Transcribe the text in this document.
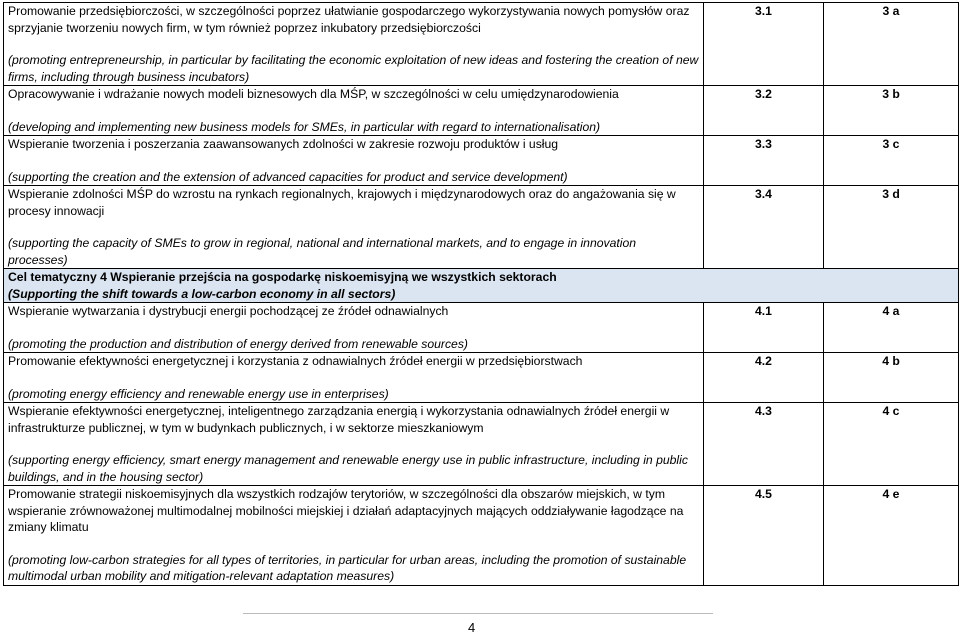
Promowanie przedsiębiorczości, w szczególności poprzez ułatwianie gospodarczego wykorzystywania nowych pomysłów oraz sprzyjanie tworzeniu nowych firm, w tym również poprzez inkubatory przedsiębiorczości
(promoting entrepreneurship, in particular by facilitating the economic exploitation of new ideas and fostering the creation of new firms, including through business incubators)	3.1	3 a

Opracowywanie i wdrażanie nowych modeli biznesowych dla MŚP, w szczególności w celu umiędzynarodowienia
(developing and implementing new business models for SMEs, in particular with regard to internationalisation)	3.2	3 b

Wspieranie tworzenia i poszerzania zaawansowanych zdolności w zakresie rozwoju produktów i usług
(supporting the creation and the extension of advanced capacities for product and service development)	3.3	3 c

Wspieranie zdolności MŚP do wzrostu na rynkach regionalnych, krajowych i międzynarodowych oraz do angażowania się w procesy innowacji
(supporting the capacity of SMEs to grow in regional, national and international markets, and to engage in innovation processes)	3.4	3 d

Cel tematyczny 4 Wspieranie przejścia na gospodarkę niskoemisyjną we wszystkich sektorach
(Supporting the shift towards a low-carbon economy in all sectors)		

Wspieranie wytwarzania i dystrybucji energii pochodzącej ze źródeł odnawialnych
(promoting the production and distribution of energy derived from renewable sources)	4.1	4 a

Promowanie efektywności energetycznej i korzystania z odnawialnych źródeł energii w przedsiębiorstwach
(promoting energy efficiency and renewable energy use in enterprises)	4.2	4 b

Wspieranie efektywności energetycznej, inteligentnego zarządzania energią i wykorzystania odnawialnych źródeł energii w infrastrukturze publicznej, w tym w budynkach publicznych, i w sektorze mieszkaniowym
(supporting energy efficiency, smart energy management and renewable energy use in public infrastructure, including in public buildings, and in the housing sector)	4.3	4 c

Promowanie strategii niskoemisyjnych dla wszystkich rodzajów terytoriów, w szczególności dla obszarów miejskich, w tym wspieranie zrównoważonej multimodalnej mobilności miejskiej i działań adaptacyjnych mających oddziaływanie łagodzące na zmiany klimatu
(promoting low-carbon strategies for all types of territories, in particular for urban areas, including the promotion of sustainable multimodal urban mobility and mitigation-relevant adaptation measures)	4.5	4 e
4
